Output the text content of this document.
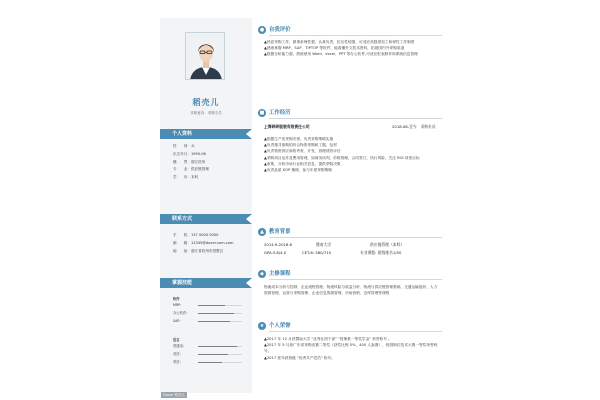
稻壳儿
求职意向：采购专员
个人资料
性　　别：女
出生年月：1995.06
籍　　贯：浙江杭州
专　　业：供应链管理
学　　历：本科
联系方式
手　　机：137 0000 0000
邮　　箱：12345@docer.com.com
地　　址：浙江省杭州市拱墅区
掌握技能
软件
MRP:
办公软件:
SAP:
语言
普通话:
英语:
粤语:
● 自我评价

▲热爱采购工作，做事条理性强，认真负责，抗压性较强，可适应高强度加工和弹性工作制度

▲熟练掌握 MRP、SAP、TIPTOP 等软件，能看懂外文技术资料，拓展国内外采购渠道

▲数据分析能力强，熟练使用 Word、excel、PPT 等办公软件,可适应报表制作和系统信息管理

■ 工作经历
上海碎碎服装有限责任公司	2018.08-至今　采购专员

▲根据生产类采购安排，负责采购策略实施

▲负责搜寻欲购的综合物资采购和工服，包材

▲负责物资供应商的考查、开发，管理绩效评估

▲采购项目运作及费用管理，如商务谈判，价格管理，合同签订，执行风险，关注 ROI 项里目标

▲收集，分析市场行业相关信息，提供采购决策

▲负责品质 SOP 梳理，参与年度采购策略

▲ 教育背景
2014.9-2018.6	暨南大学	供应链管理（本科）
GPA:3.8/4.0	CET-6: 580/710	专业课程: 班级排名1/50
◆ 主修课程

物流成本分析与控制、企业流程管理、物流风险与收益分析、物流与供应链管理基础、交通运输组织、人力资源管理、运营与采购管理、企业信息资源管理、市场营销、仓库管理等课程

★ 个人荣誉

▲2017 年 12 月获暨南大学 "优秀社团干部" "管理系一等奖学金" 荣誉称号 。

▲2017 年 5 月获广东省采购竞赛二等奖（获奖比例 5%、400 人参赛），校园职位技术大赛一等奖荣誉称号。

▲2017 度年获校级 "优秀共产党员" 称号。

Docer 稻壳儿
